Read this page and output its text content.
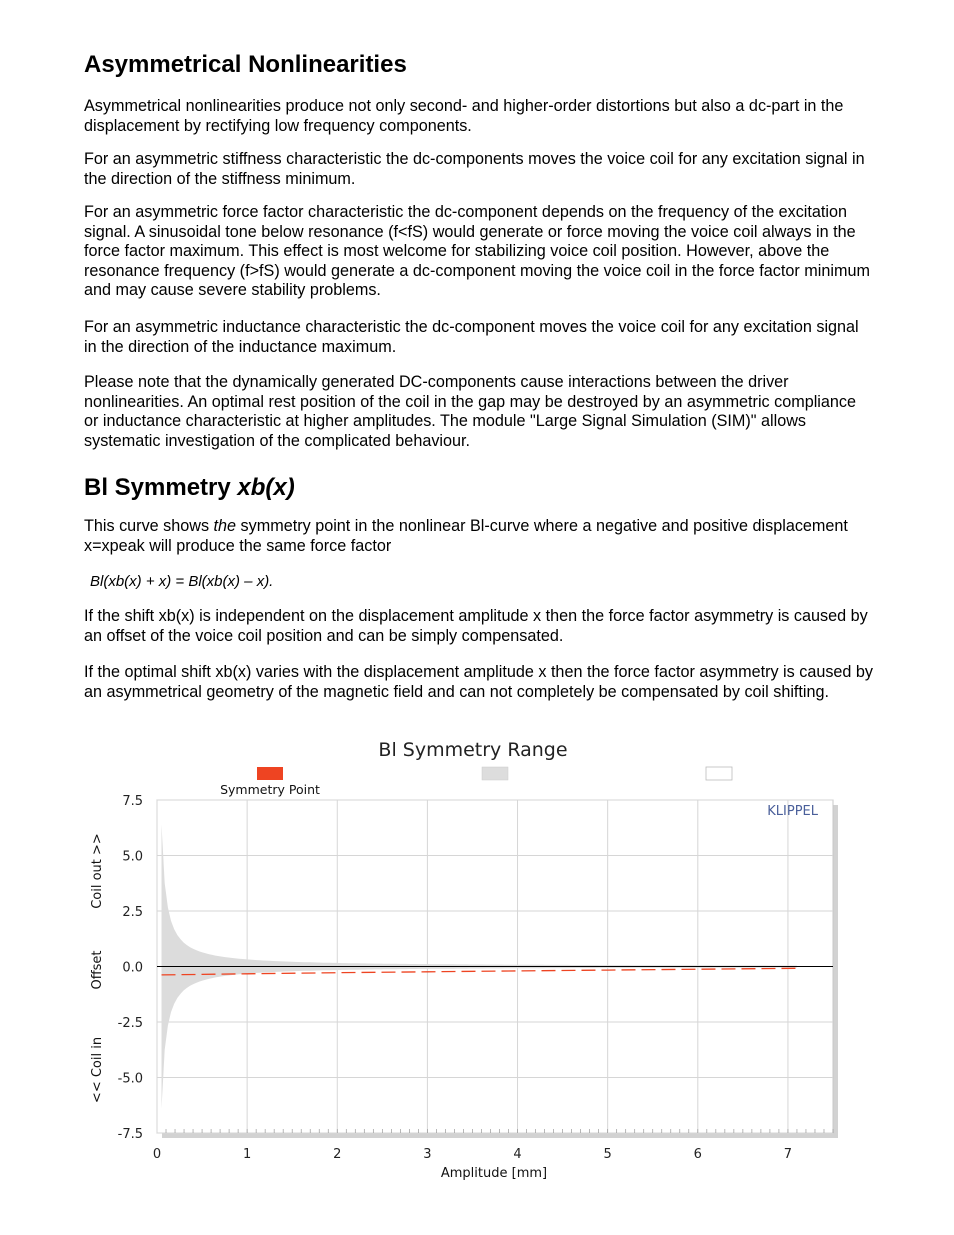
Asymmetrical Nonlinearities

Asymmetrical nonlinearities produce not only second- and higher-order distortions but also a dc-part in the displacement by rectifying low frequency components.

For an asymmetric stiffness characteristic the dc-components moves the voice coil for any excitation signal in the direction of the stiffness minimum.

For an asymmetric force factor characteristic the dc-component depends on the frequency of the excitation signal. A sinusoidal tone below resonance (f<fS) would generate or force moving the voice coil always in the force factor maximum. This effect is most welcome for stabilizing voice coil position. However, above the resonance frequency (f>fS) would generate a dc-component moving the voice coil in the force factor minimum and may cause severe stability problems.

For an asymmetric inductance characteristic the dc-component moves the voice coil for any excitation signal in the direction of the inductance maximum.

Please note that the dynamically generated DC-components cause interactions between the driver nonlinearities. An optimal rest position of the coil in the gap may be destroyed by an asymmetric compliance or inductance characteristic at higher amplitudes. The module "Large Signal Simulation (SIM)" allows systematic investigation of the complicated behaviour.

Bl Symmetry xb(x)

This curve shows the symmetry point in the nonlinear Bl-curve where a negative and positive displacement x=xpeak will produce the same force factor

Bl(xb(x) + x) = Bl(xb(x) – x).

If the shift xb(x) is independent on the displacement amplitude x then the force factor asymmetry is caused by an offset of the voice coil position and can be simply compensated.

If the optimal shift xb(x) varies with the displacement amplitude x then the force factor asymmetry is caused by an asymmetrical geometry of the magnetic field and can not completely be compensated by coil shifting.

Bl Symmetry Range
Symmetry Point
7.5
5.0
2.5
0.0
-2.5
-5.0
-7.5
0	1	2	3	4	5	6	7
KLIPPEL
Amplitude [mm]
<< Coil in
Offset
Coil out >>
